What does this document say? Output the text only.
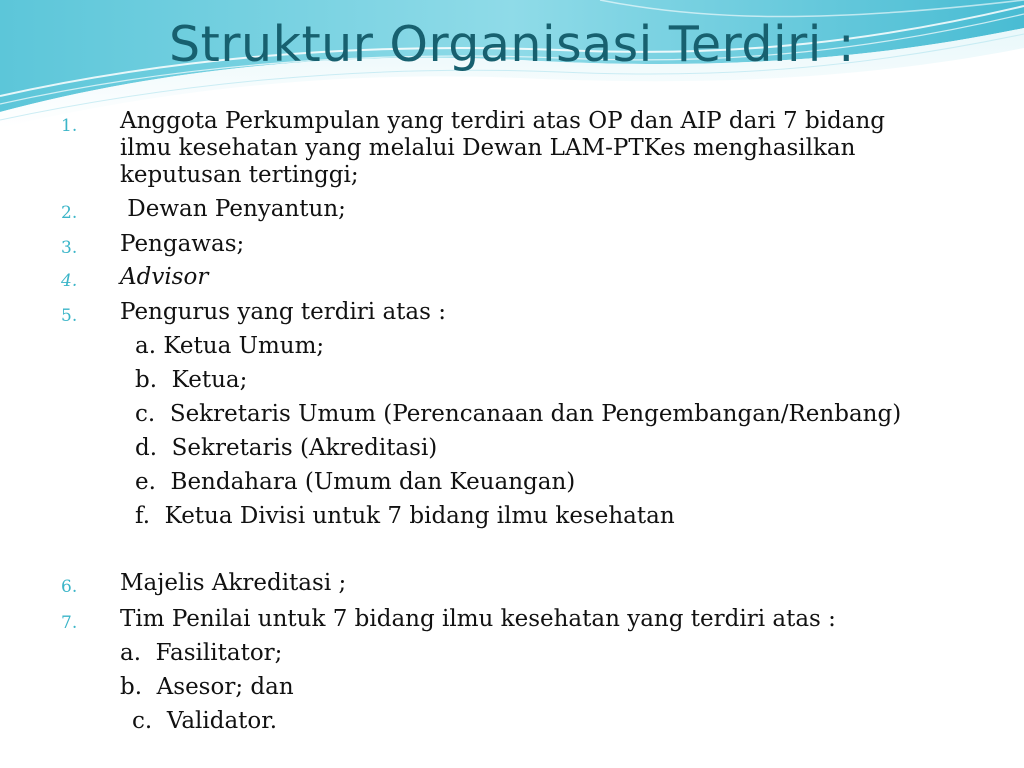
Struktur Organisasi Terdiri :
1. Anggota Perkumpulan yang terdiri atas OP dan AIP dari 7 bidang
ilmu kesehatan yang melalui Dewan LAM-PTKes menghasilkan
keputusan tertinggi;
2. Dewan Penyantun;
3. Pengawas;
4. Advisor
5. Pengurus yang terdiri atas :
a. Ketua Umum;
b.  Ketua;
c.  Sekretaris Umum (Perencanaan dan Pengembangan/Renbang)
d.  Sekretaris (Akreditasi)
e.  Bendahara (Umum dan Keuangan)
f.  Ketua Divisi untuk 7 bidang ilmu kesehatan
6. Majelis Akreditasi ;
7. Tim Penilai untuk 7 bidang ilmu kesehatan yang terdiri atas :
a.  Fasilitator;
b.  Asesor; dan
c.  Validator.
